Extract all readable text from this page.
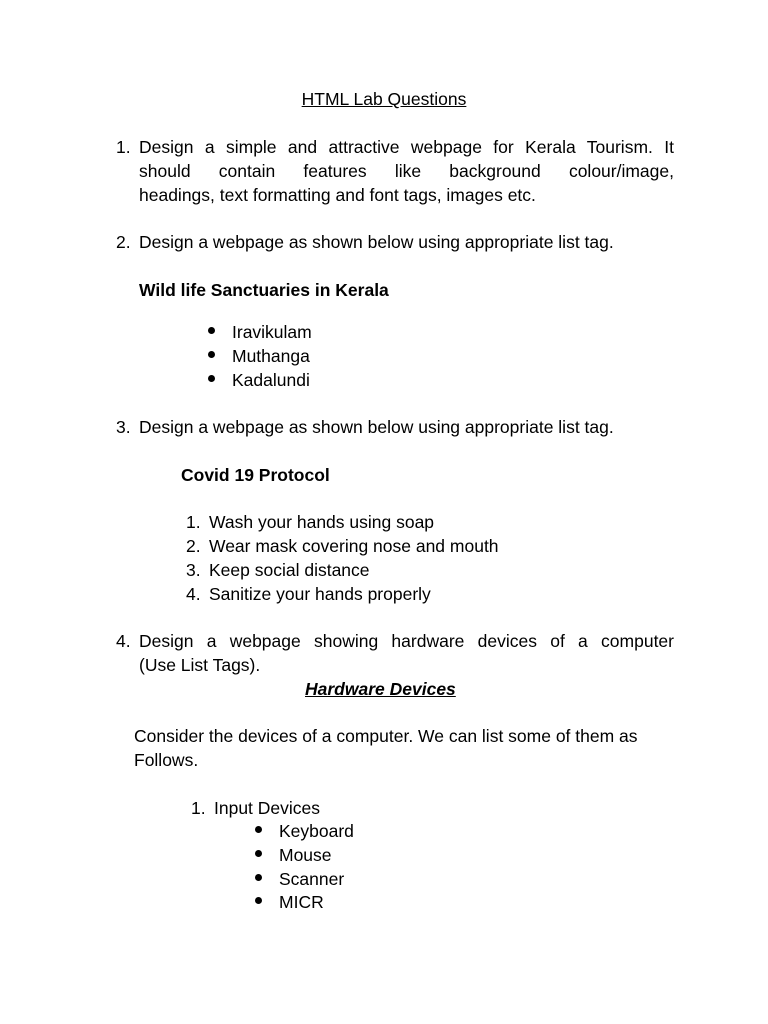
HTML Lab Questions
1. Design a simple and attractive webpage for Kerala Tourism. It
should contain features like background colour/image,
headings, text formatting and font tags, images etc.
2. Design a webpage as shown below using appropriate list tag.
Wild life Sanctuaries in Kerala
Iravikulam
Muthanga
Kadalundi
3. Design a webpage as shown below using appropriate list tag.
Covid 19 Protocol
1. Wash your hands using soap
2. Wear mask covering nose and mouth
3. Keep social distance
4. Sanitize your hands properly
4. Design a webpage showing hardware devices of a computer
(Use List Tags).
Hardware Devices
Consider the devices of a computer. We can list some of them as
Follows.
1. Input Devices
Keyboard
Mouse
Scanner
MICR
